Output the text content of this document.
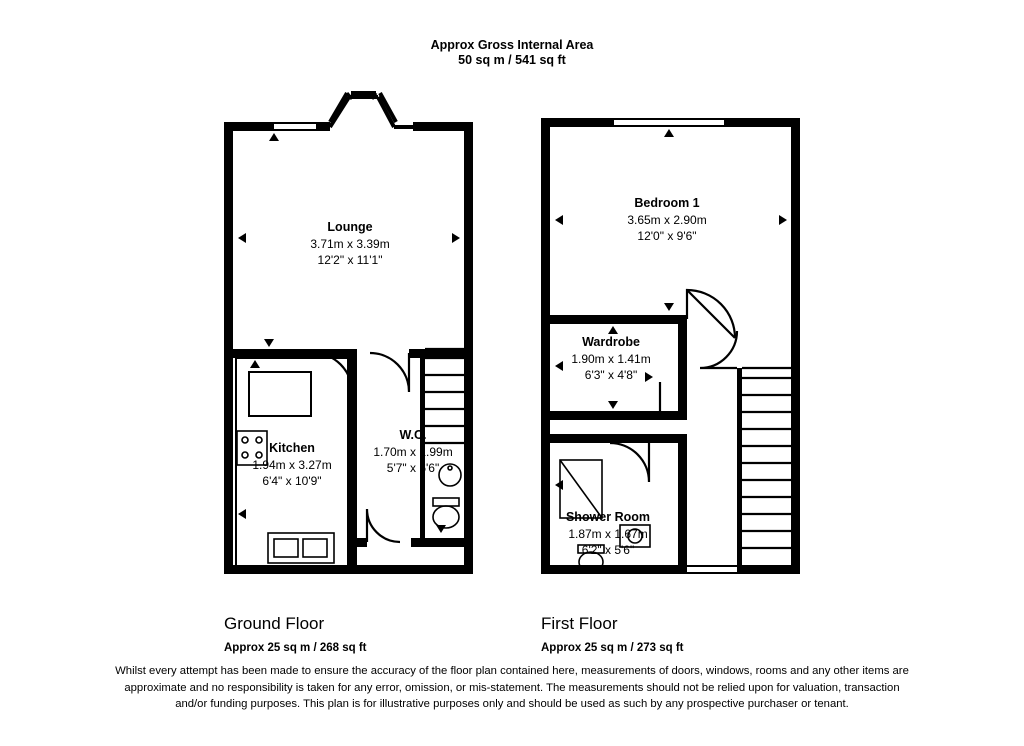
Approx Gross Internal Area
50 sq m / 541 sq ft
Lounge
3.71m x 3.39m
12'2" x 11'1"
Kitchen
1.94m x 3.27m
6'4" x 10'9"
W.C.
1.70m x 1.99m
5'7" x 6'6"
Bedroom 1
3.65m x 2.90m
12'0" x 9'6"
Wardrobe
1.90m x 1.41m
6'3" x 4'8"
Shower Room
1.87m x 1.67m
6'2" x 5'6"
Ground Floor
Approx 25 sq m / 268 sq ft
First Floor
Approx 25 sq m / 273 sq ft
Whilst every attempt has been made to ensure the accuracy of the floor plan contained here, measurements of doors, windows, rooms and any other items are approximate and no responsibility is taken for any error, omission, or mis-statement. The measurements should not be relied upon for valuation, transaction and/or funding purposes. This plan is for illustrative purposes only and should be used as such by any prospective purchaser or tenant.
